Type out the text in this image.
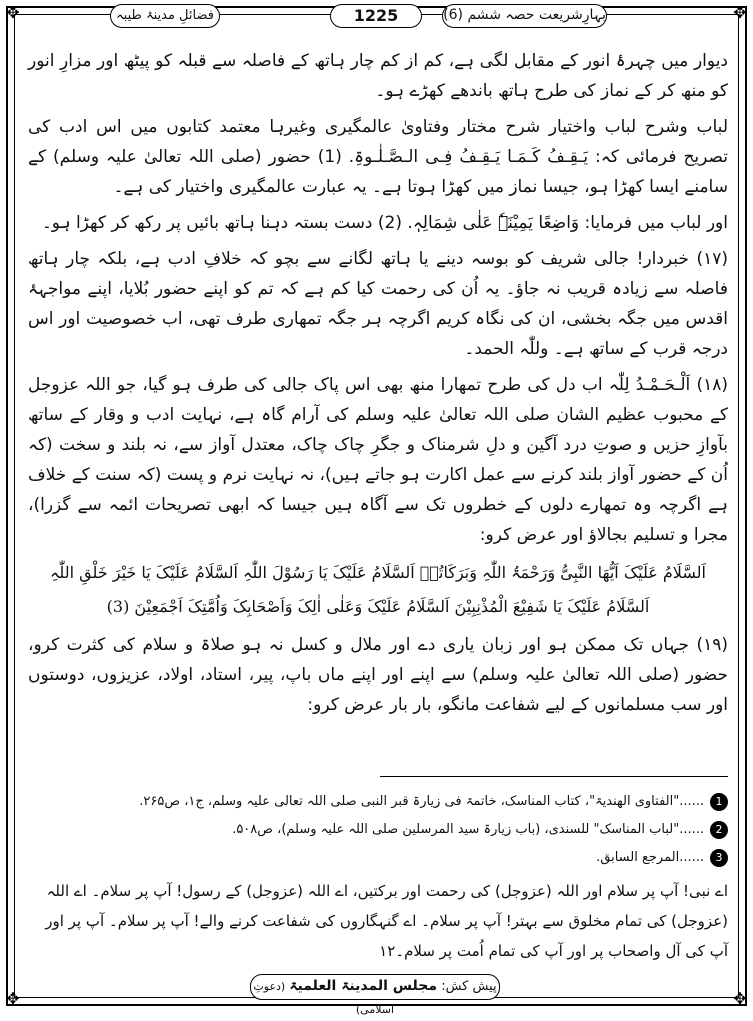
✥	✥
✥	✥
بہارِشریعت حصہ ششم (6)
1225
فضائلِ مدینۂ طیبہ

دیوار میں چہرۂ انور کے مقابل لگی ہے، کم از کم چار ہاتھ کے فاصلہ سے قبلہ کو پیٹھ اور مزارِ انور کو منھ کر کے نماز کی طرح ہاتھ باندھے کھڑے ہو۔

لباب وشرح لباب واختیار شرح مختار وفتاویٰ عالمگیری وغیرہا معتمد کتابوں میں اس ادب کی تصریح فرمائی کہ: یَـقِـفُ کَـمَـا یَـقِـفُ فِـی الـصَّـلٰـوۃِ. (1) حضور (صلی اللہ تعالیٰ علیہ وسلم) کے سامنے ایسا کھڑا ہو، جیسا نماز میں کھڑا ہوتا ہے۔ یہ عبارت عالمگیری واختیار کی ہے۔

اور لباب میں فرمایا: وَاضِعًا یَمِیْنَہٗ عَلٰی شِمَالِہٖ. (2) دست بستہ دہنا ہاتھ بائیں پر رکھ کر کھڑا ہو۔

(۱۷) خبردار! جالی شریف کو بوسہ دینے یا ہاتھ لگانے سے بچو کہ خلافِ ادب ہے، بلکہ چار ہاتھ فاصلہ سے زیادہ قریب نہ جاؤ۔ یہ اُن کی رحمت کیا کم ہے کہ تم کو اپنے حضور بُلایا، اپنے مواجہۂ اقدس میں جگہ بخشی، ان کی نگاہ کریم اگرچہ ہر جگہ تمھاری طرف تھی، اب خصوصیت اور اس درجہ قرب کے ساتھ ہے۔ وللّٰہ الحمد۔

(۱۸) اَلْـحَـمْـدُ لِلّٰہ اب دل کی طرح تمھارا منھ بھی اس پاک جالی کی طرف ہو گیا، جو اللہ عزوجل کے محبوب عظیم الشان صلی اللہ تعالیٰ علیہ وسلم کی آرام گاہ ہے، نہایت ادب و وقار کے ساتھ بآوازِ حزیں و صوتِ درد آگین و دلِ شرمناک و جگرِ چاک چاک، معتدل آواز سے، نہ بلند و سخت (کہ اُن کے حضور آواز بلند کرنے سے عمل اکارت ہو جاتے ہیں)، نہ نہایت نرم و پست (کہ سنت کے خلاف ہے اگرچہ وہ تمھارے دلوں کے خطروں تک سے آگاہ ہیں جیسا کہ ابھی تصریحات ائمہ سے گزرا)، مجرا و تسلیم بجالاؤ اور عرض کرو:

اَلسَّلَامُ عَلَیْکَ اَیُّھَا النَّبِیُّ وَرَحْمَۃُ اللّٰہِ وَبَرَکَاتُہٗ اَلسَّلَامُ عَلَیْکَ یَا رَسُوْلَ اللّٰہِ اَلسَّلَامُ عَلَیْکَ یَا خَیْرَ خَلْقِ اللّٰہِ اَلسَّلَامُ عَلَیْکَ یَا شَفِیْعَ الْمُذْنِبِیْنَ اَلسَّلَامُ عَلَیْکَ وَعَلٰی اٰلِکَ وَاَصْحَابِکَ وَاُمَّتِکَ اَجْمَعِیْنَ (3)

(۱۹) جہاں تک ممکن ہو اور زبان یاری دے اور ملال و کسل نہ ہو صلاۃ و سلام کی کثرت کرو، حضور (صلی اللہ تعالیٰ علیہ وسلم) سے اپنے اور اپنے ماں باپ، پیر، استاد، اولاد، عزیزوں، دوستوں اور سب مسلمانوں کے لیے شفاعت مانگو، بار بار عرض کرو:

1
......"الفتاوی الھندیۃ"، کتاب المناسک، خاتمۃ فی زیارۃ قبر النبی صلی اللہ تعالی علیہ وسلم، ج۱، ص۲۶۵.
2
......"لباب المناسک" للسندی، (باب زیارۃ سید المرسلین صلی اللہ علیہ وسلم)، ص۵۰۸.
3
......المرجع السابق.
اے نبی! آپ پر سلام اور اللہ (عزوجل) کی رحمت اور برکتیں، اے اللہ (عزوجل) کے رسول! آپ پر سلام۔ اے اللہ (عزوجل) کی تمام مخلوق سے بہتر! آپ پر سلام۔ اے گنہگاروں کی شفاعت کرنے والے! آپ پر سلام۔ آپ پر اور آپ کی آل واصحاب پر اور آپ کی تمام اُمت پر سلام۔۱۲
پیش کش: مجلس المدینۃ العلمیۃ (دعوتِ اسلامی)
